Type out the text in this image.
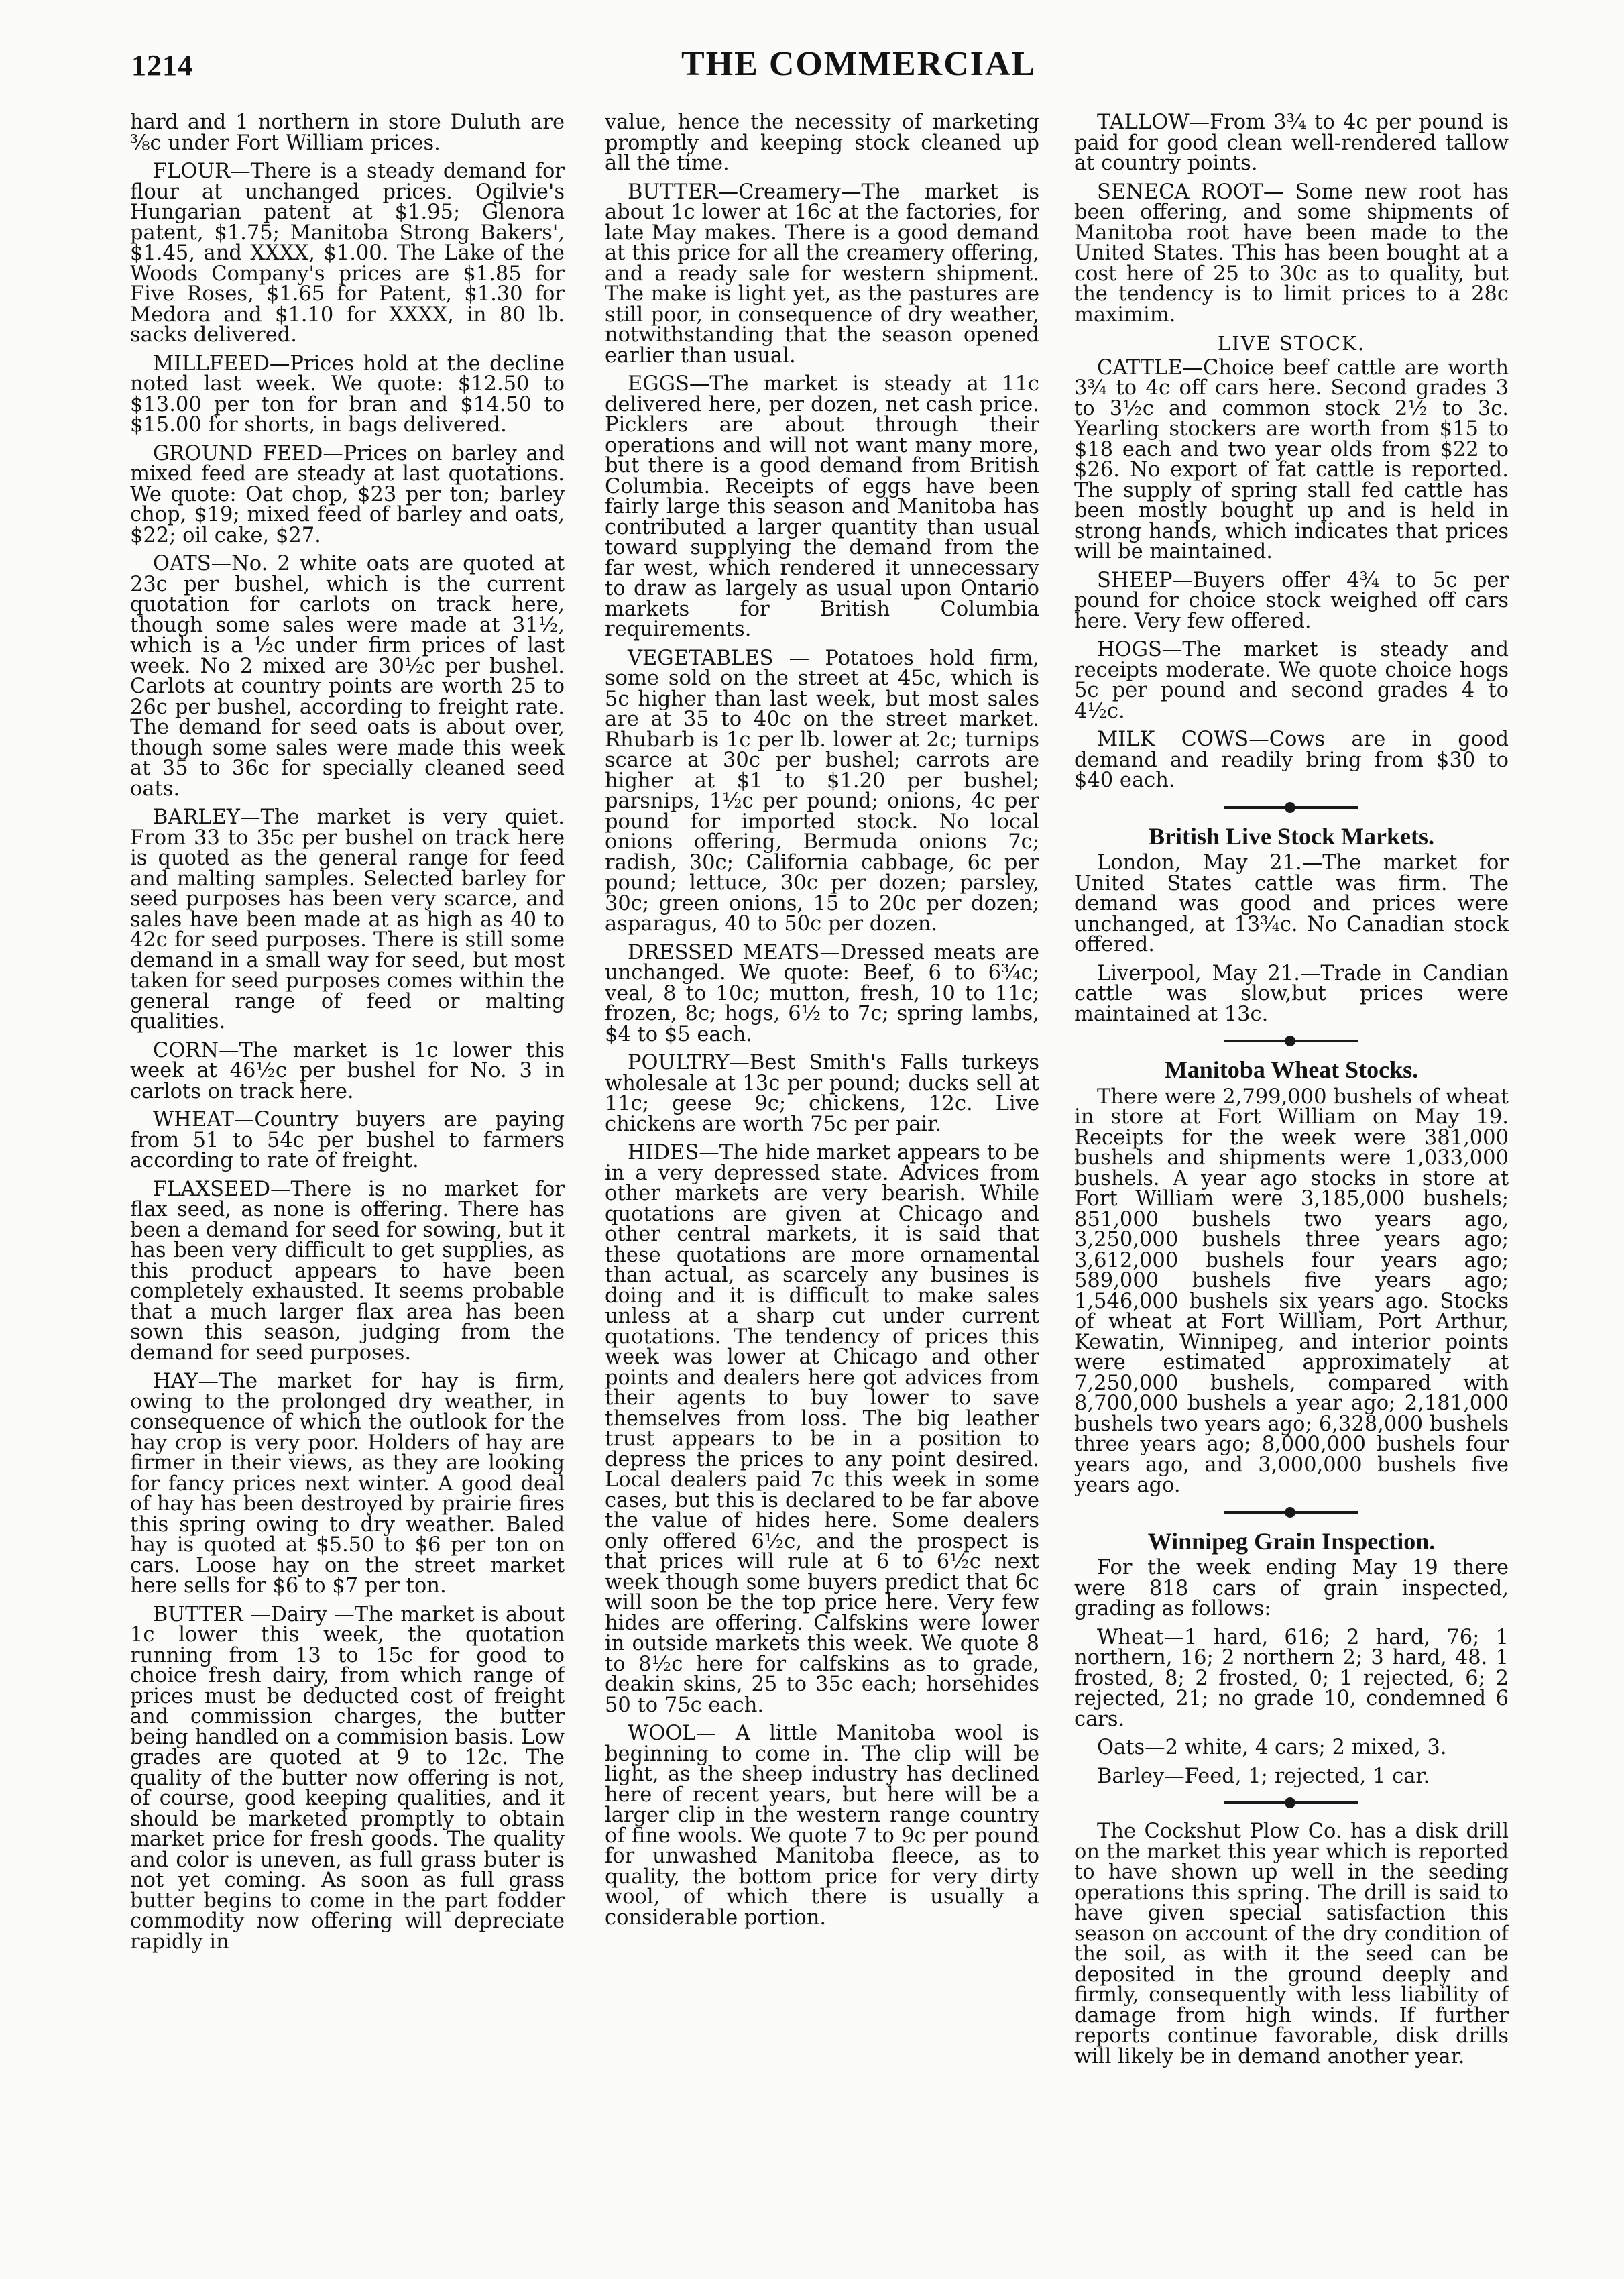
1214	THE COMMERCIAL

hard and 1 northern in store Duluth are ⅜c under Fort William prices.

FLOUR—There is a steady demand for flour at unchanged prices. Ogilvie's Hungarian patent at $1.95; Glenora patent, $1.75; Manitoba Strong Bakers', $1.45, and XXXX, $1.00. The Lake of the Woods Company's prices are $1.85 for Five Roses, $1.65 for Patent, $1.30 for Medora and $1.10 for XXXX, in 80 lb. sacks delivered.

MILLFEED—Prices hold at the decline noted last week. We quote: $12.50 to $13.00 per ton for bran and $14.50 to $15.00 for shorts, in bags delivered.

GROUND FEED—Prices on barley and mixed feed are steady at last quotations. We quote: Oat chop, $23 per ton; barley chop, $19; mixed feed of barley and oats, $22; oil cake, $27.

OATS—No. 2 white oats are quoted at 23c per bushel, which is the current quotation for carlots on track here, though some sales were made at 31½, which is a ½c under firm prices of last week. No 2 mixed are 30½c per bushel. Carlots at country points are worth 25 to 26c per bushel, according to freight rate. The demand for seed oats is about over, though some sales were made this week at 35 to 36c for specially cleaned seed oats.

BARLEY—The market is very quiet. From 33 to 35c per bushel on track here is quoted as the general range for feed and malting samples. Selected barley for seed purposes has been very scarce, and sales have been made at as high as 40 to 42c for seed purposes. There is still some demand in a small way for seed, but most taken for seed purposes comes within the general range of feed or malting qualities.

CORN—The market is 1c lower this week at 46½c per bushel for No. 3 in carlots on track here.

WHEAT—Country buyers are paying from 51 to 54c per bushel to farmers according to rate of freight.

FLAXSEED—There is no market for flax seed, as none is offering. There has been a demand for seed for sowing, but it has been very difficult to get supplies, as this product appears to have been completely exhausted. It seems probable that a much larger flax area has been sown this season, judging from the demand for seed purposes.

HAY—The market for hay is firm, owing to the prolonged dry weather, in consequence of which the outlook for the hay crop is very poor. Holders of hay are firmer in their views, as they are looking for fancy prices next winter. A good deal of hay has been destroyed by prairie fires this spring owing to dry weather. Baled hay is quoted at $5.50 to $6 per ton on cars. Loose hay on the street market here sells for $6 to $7 per ton.

BUTTER —Dairy —The market is about 1c lower this week, the quotation running from 13 to 15c for good to choice fresh dairy, from which range of prices must be deducted cost of freight and commission charges, the butter being handled on a commision basis. Low grades are quoted at 9 to 12c. The quality of the butter now offering is not, of course, good keeping qualities, and it should be marketed promptly to obtain market price for fresh goods. The quality and color is uneven, as full grass buter is not yet coming. As soon as full grass butter begins to come in the part fodder commodity now offering will depreciate rapidly in

value, hence the necessity of marketing promptly and keeping stock cleaned up all the time.

BUTTER—Creamery—The market is about 1c lower at 16c at the factories, for late May makes. There is a good demand at this price for all the creamery offering, and a ready sale for western shipment. The make is light yet, as the pastures are still poor, in consequence of dry weather, notwithstanding that the season opened earlier than usual.

EGGS—The market is steady at 11c delivered here, per dozen, net cash price. Picklers are about through their operations and will not want many more, but there is a good demand from British Columbia. Receipts of eggs have been fairly large this season and Manitoba has contributed a larger quantity than usual toward supplying the demand from the far west, which rendered it unnecessary to draw as largely as usual upon Ontario markets for British Columbia requirements.

VEGETABLES — Potatoes hold firm, some sold on the street at 45c, which is 5c higher than last week, but most sales are at 35 to 40c on the street market. Rhubarb is 1c per lb. lower at 2c; turnips scarce at 30c per bushel; carrots are higher at $1 to $1.20 per bushel; parsnips, 1½c per pound; onions, 4c per pound for imported stock. No local onions offering, Bermuda onions 7c; radish, 30c; California cabbage, 6c per pound; lettuce, 30c per dozen; parsley, 30c; green onions, 15 to 20c per dozen; asparagus, 40 to 50c per dozen.

DRESSED MEATS—Dressed meats are unchanged. We quote: Beef, 6 to 6¾c; veal, 8 to 10c; mutton, fresh, 10 to 11c; frozen, 8c; hogs, 6½ to 7c; spring lambs, $4 to $5 each.

POULTRY—Best Smith's Falls turkeys wholesale at 13c per pound; ducks sell at 11c; geese 9c; chickens, 12c. Live chickens are worth 75c per pair.

HIDES—The hide market appears to be in a very depressed state. Advices from other markets are very bearish. While quotations are given at Chicago and other central markets, it is said that these quotations are more ornamental than actual, as scarcely any busines is doing and it is difficult to make sales unless at a sharp cut under current quotations. The tendency of prices this week was lower at Chicago and other points and dealers here got advices from their agents to buy lower to save themselves from loss. The big leather trust appears to be in a position to depress the prices to any point desired. Local dealers paid 7c this week in some cases, but this is declared to be far above the value of hides here. Some dealers only offered 6½c, and the prospect is that prices will rule at 6 to 6½c next week though some buyers predict that 6c will soon be the top price here. Very few hides are offering. Calfskins were lower in outside markets this week. We quote 8 to 8½c here for calfskins as to grade, deakin skins, 25 to 35c each; horsehides 50 to 75c each.

WOOL— A little Manitoba wool is beginning to come in. The clip will be light, as the sheep industry has declined here of recent years, but here will be a larger clip in the western range country of fine wools. We quote 7 to 9c per pound for unwashed Manitoba fleece, as to quality, the bottom price for very dirty wool, of which there is usually a considerable portion.

TALLOW—From 3¾ to 4c per pound is paid for good clean well-rendered tallow at country points.

SENECA ROOT— Some new root has been offering, and some shipments of Manitoba root have been made to the United States. This has been bought at a cost here of 25 to 30c as to quality, but the tendency is to limit prices to a 28c maximim.

LIVE STOCK.

CATTLE—Choice beef cattle are worth 3¾ to 4c off cars here. Second grades 3 to 3½c and common stock 2½ to 3c. Yearling stockers are worth from $15 to $18 each and two year olds from $22 to $26. No export of fat cattle is reported. The supply of spring stall fed cattle has been mostly bought up and is held in strong hands, which indicates that prices will be maintained.

SHEEP—Buyers offer 4¾ to 5c per pound for choice stock weighed off cars here. Very few offered.

HOGS—The market is steady and receipts moderate. We quote choice hogs 5c per pound and second grades 4 to 4½c.

MILK COWS—Cows are in good demand and readily bring from $30 to $40 each.

British Live Stock Markets.

London, May 21.—The market for United States cattle was firm. The demand was good and prices were unchanged, at 13¾c. No Canadian stock offered.

Liverpool, May 21.—Trade in Candian cattle was slow,but prices were maintained at 13c.

Manitoba Wheat Stocks.

There were 2,799,000 bushels of wheat in store at Fort William on May 19. Receipts for the week were 381,000 bushels and shipments were 1,033,000 bushels. A year ago stocks in store at Fort William were 3,185,000 bushels; 851,000 bushels two years ago, 3,250,000 bushels three years ago; 3,612,000 bushels four years ago; 589,000 bushels five years ago; 1,546,000 bushels six years ago. Stocks of wheat at Fort William, Port Arthur, Kewatin, Winnipeg, and interior points were estimated approximately at 7,250,000 bushels, compared with 8,700,000 bushels a year ago; 2,181,000 bushels two years ago; 6,328,000 bushels three years ago; 8,000,000 bushels four years ago, and 3,000,000 bushels five years ago.

Winnipeg Grain Inspection.

For the week ending May 19 there were 818 cars of grain inspected, grading as follows:

Wheat—1 hard, 616; 2 hard, 76; 1 northern, 16; 2 northern 2; 3 hard, 48. 1 frosted, 8; 2 frosted, 0; 1 rejected, 6; 2 rejected, 21; no grade 10, condemned 6 cars.

Oats—2 white, 4 cars; 2 mixed, 3.

Barley—Feed, 1; rejected, 1 car.

The Cockshut Plow Co. has a disk drill on the market this year which is reported to have shown up well in the seeding operations this spring. The drill is said to have given special satisfaction this season on account of the dry condition of the soil, as with it the seed can be deposited in the ground deeply and firmly, consequently with less liability of damage from high winds. If further reports continue favorable, disk drills will likely be in demand another year.
